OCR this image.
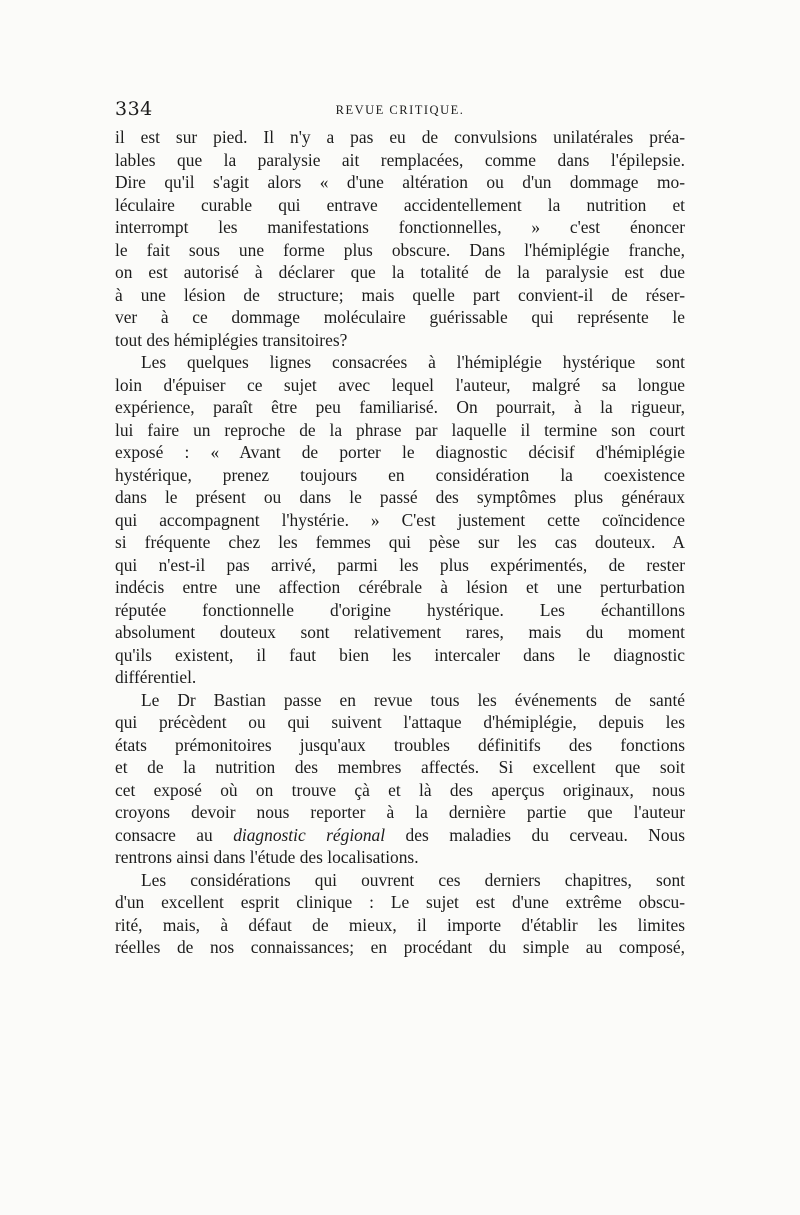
334	REVUE CRITIQUE.
il est sur pied. Il n'y a pas eu de convulsions unilatérales préa-
lables que la paralysie ait remplacées, comme dans l'épilepsie.
Dire qu'il s'agit alors « d'une altération ou d'un dommage mo-
léculaire curable qui entrave accidentellement la nutrition et
interrompt les manifestations fonctionnelles, » c'est énoncer
le fait sous une forme plus obscure. Dans l'hémiplégie franche,
on est autorisé à déclarer que la totalité de la paralysie est due
à une lésion de structure; mais quelle part convient-il de réser-
ver à ce dommage moléculaire guérissable qui représente le
tout des hémiplégies transitoires?
Les quelques lignes consacrées à l'hémiplégie hystérique sont
loin d'épuiser ce sujet avec lequel l'auteur, malgré sa longue
expérience, paraît être peu familiarisé. On pourrait, à la rigueur,
lui faire un reproche de la phrase par laquelle il termine son court
exposé : « Avant de porter le diagnostic décisif d'hémiplégie
hystérique, prenez toujours en considération la coexistence
dans le présent ou dans le passé des symptômes plus généraux
qui accompagnent l'hystérie. » C'est justement cette coïncidence
si fréquente chez les femmes qui pèse sur les cas douteux. A
qui n'est-il pas arrivé, parmi les plus expérimentés, de rester
indécis entre une affection cérébrale à lésion et une perturbation
réputée fonctionnelle d'origine hystérique. Les échantillons
absolument douteux sont relativement rares, mais du moment
qu'ils existent, il faut bien les intercaler dans le diagnostic
différentiel.
Le Dr Bastian passe en revue tous les événements de santé
qui précèdent ou qui suivent l'attaque d'hémiplégie, depuis les
états prémonitoires jusqu'aux troubles définitifs des fonctions
et de la nutrition des membres affectés. Si excellent que soit
cet exposé où on trouve çà et là des aperçus originaux, nous
croyons devoir nous reporter à la dernière partie que l'auteur
consacre au diagnostic régional des maladies du cerveau. Nous
rentrons ainsi dans l'étude des localisations.
Les considérations qui ouvrent ces derniers chapitres, sont
d'un excellent esprit clinique : Le sujet est d'une extrême obscu-
rité, mais, à défaut de mieux, il importe d'établir les limites
réelles de nos connaissances; en procédant du simple au composé,
